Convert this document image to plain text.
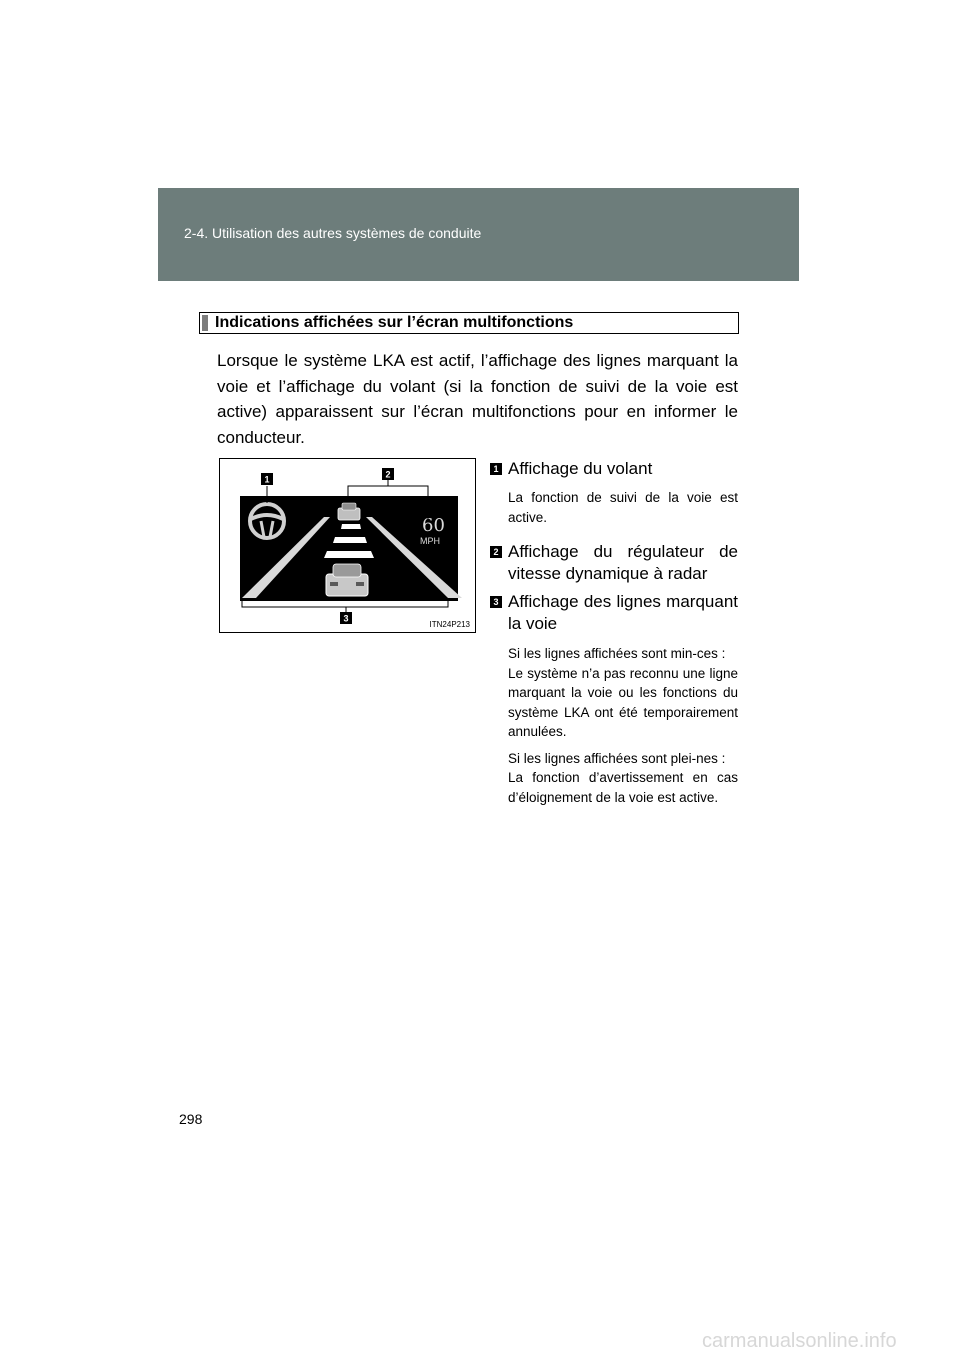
2-4. Utilisation des autres systèmes de conduite
Indications affichées sur l’écran multifonctions

Lorsque le système LKA est actif, l’affichage des lignes marquant la voie et l’affichage du volant (si la fonction de suivi de la voie est active) apparaissent sur l’écran multifonctions pour en informer le conducteur.

60
MPH
1	2
3
ITN24P213
1 Affichage du volant

La fonction de suivi de la voie est active.

2 Affichage du régulateur de vitesse dynamique à radar

3 Affichage des lignes marquant la voie

Si les lignes affichées sont min-ces :
Le système n’a pas reconnu une ligne marquant la voie ou les fonctions du système LKA ont été temporairement annulées.

Si les lignes affichées sont plei-nes :
La fonction d’avertissement en cas d’éloignement de la voie est active.

298
carmanualsonline.info
